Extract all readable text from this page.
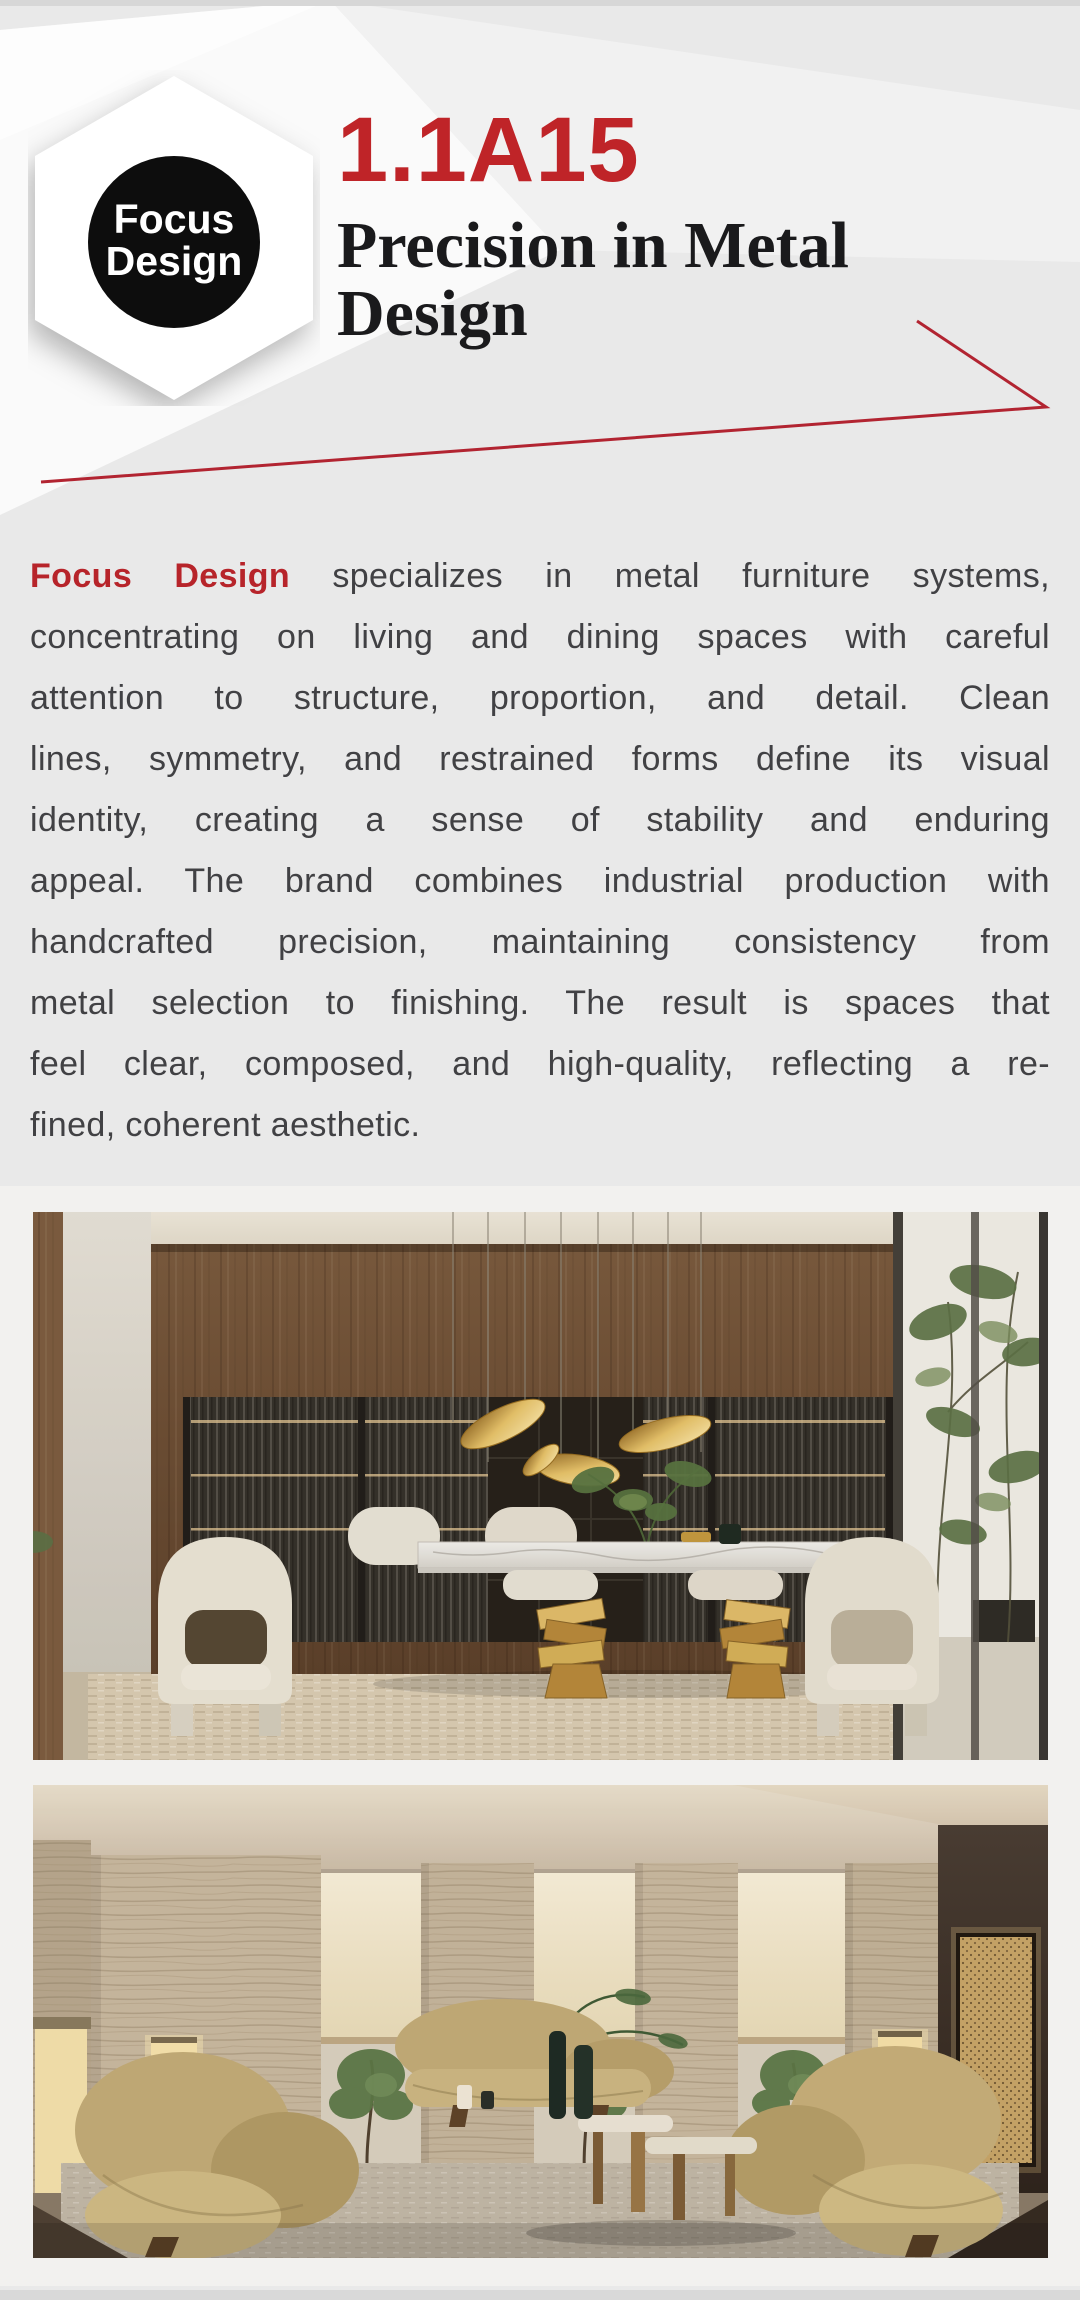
Focus
Design
1.1A15
Precision in Metal
Design
Focus Design specializes in metal furniture systems,
concentrating on living and dining spaces with careful
attention to structure, proportion, and detail. Clean
lines, symmetry, and restrained forms define its visual
identity, creating a sense of stability and enduring
appeal. The brand combines industrial production with
handcrafted precision, maintaining consistency from
metal selection to finishing. The result is spaces that
feel clear, composed, and high-quality, reflecting a re-
fined, coherent aesthetic.
